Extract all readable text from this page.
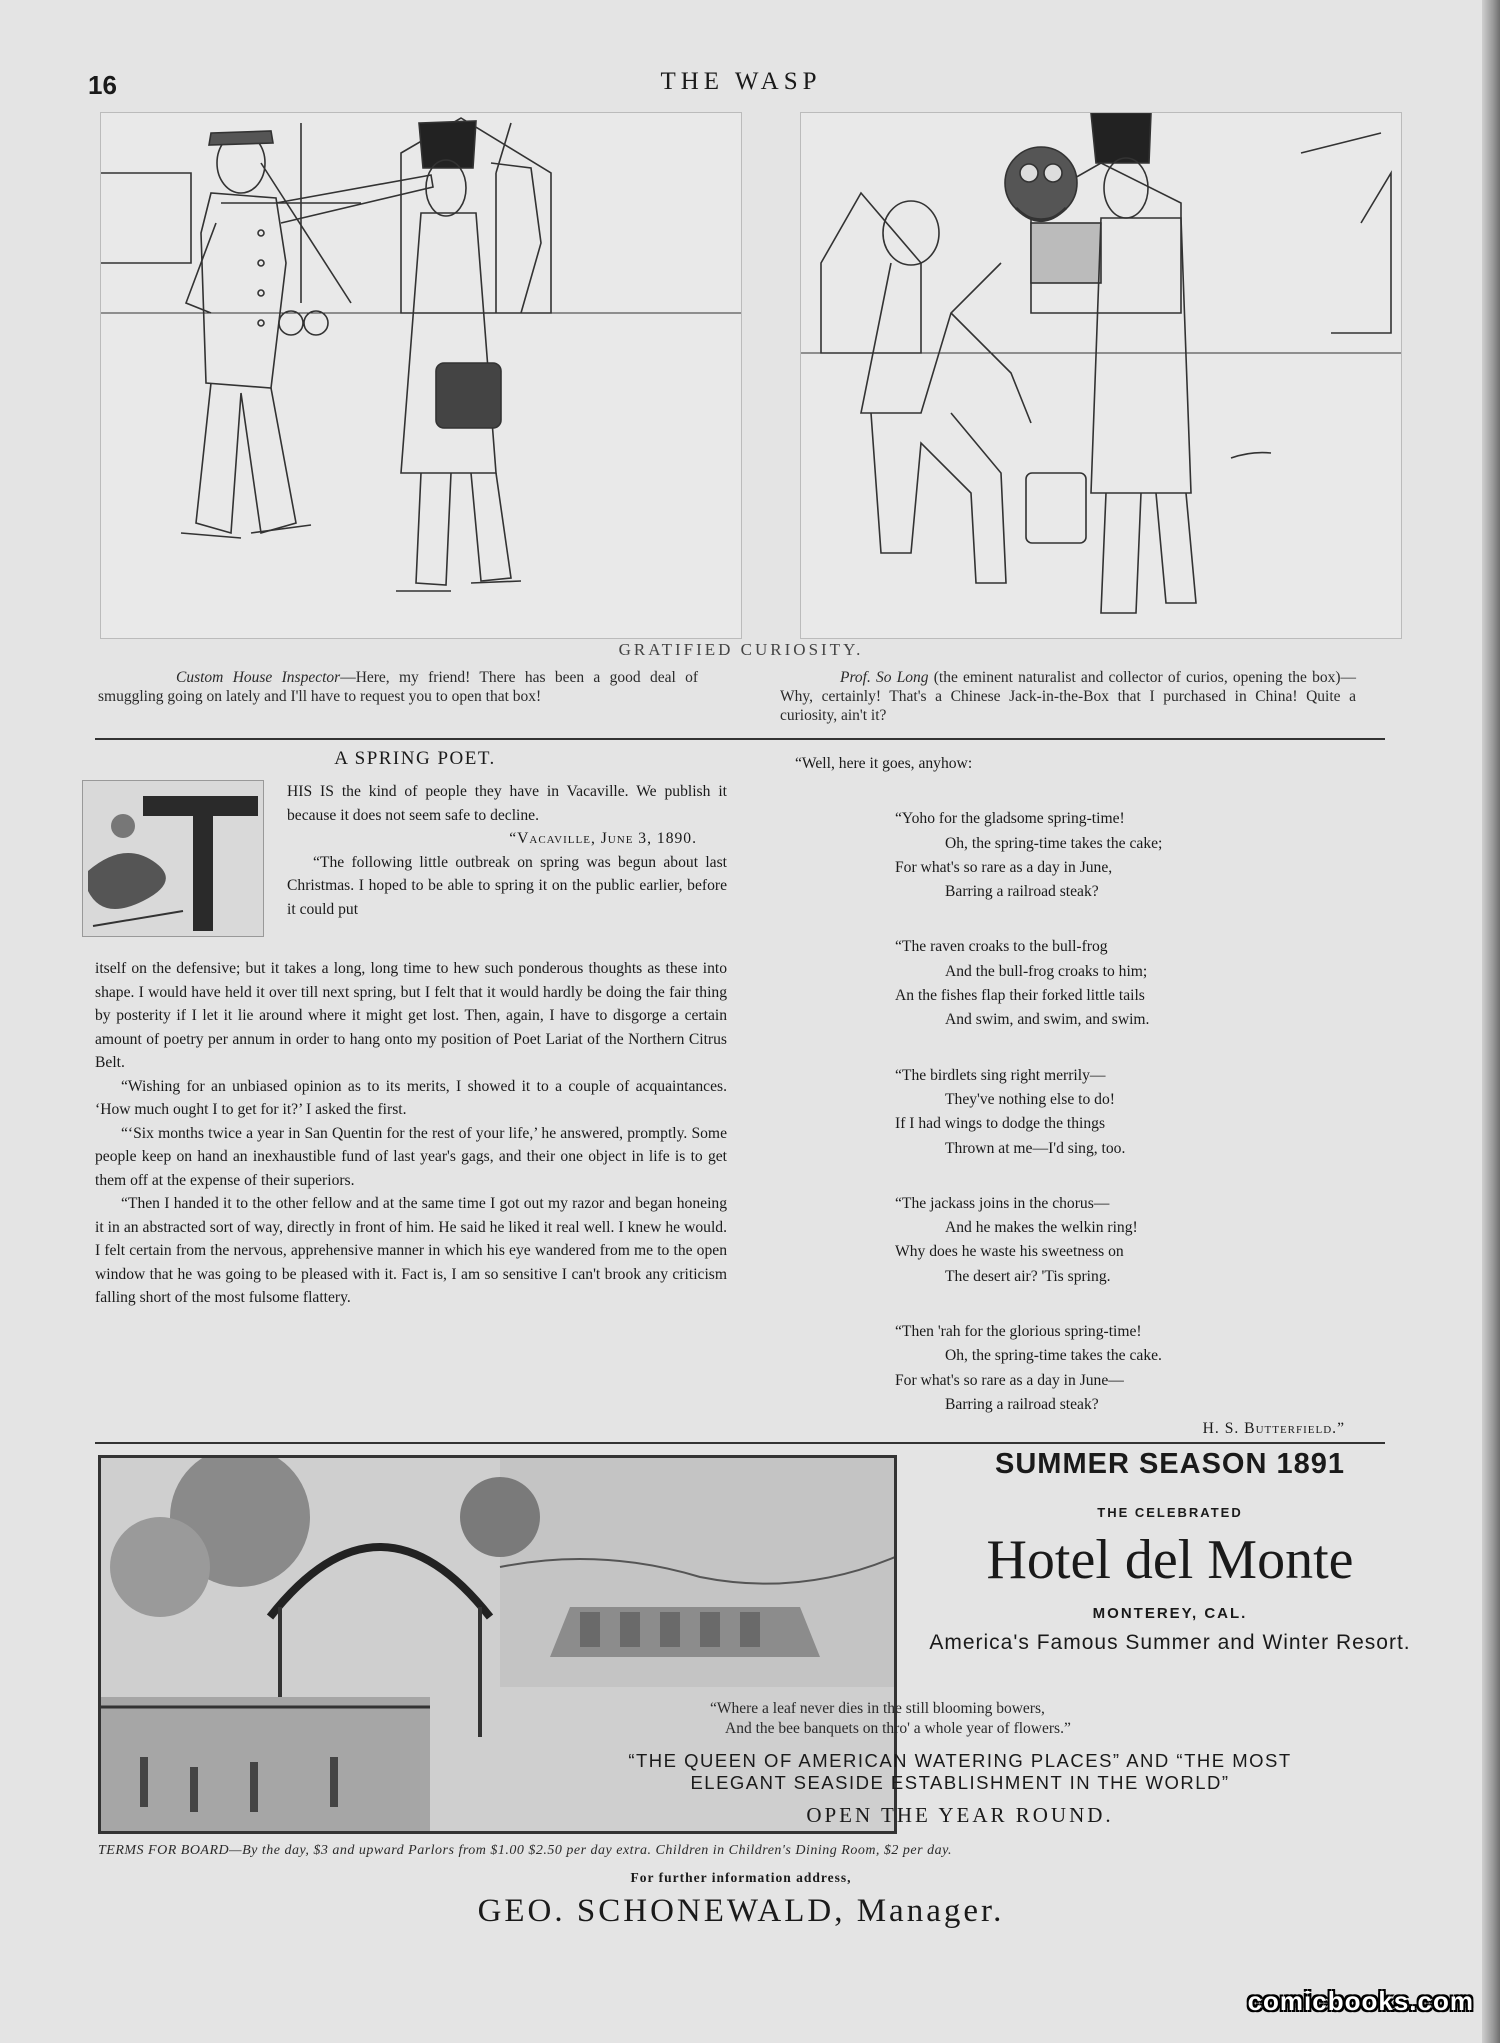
16	THE WASP
GRATIFIED CURIOSITY.
Custom House Inspector—Here, my friend! There has been a good deal of smuggling going on lately and I'll have to request you to open that box!
Prof. So Long (the eminent naturalist and collector of curios, opening the box)—Why, certainly! That's a Chinese Jack-in-the-Box that I purchased in China! Quite a curiosity, ain't it?
A SPRING POET.

HIS IS the kind of people they have in Vacaville. We publish it because it does not seem safe to decline.

“Vacaville, June 3, 1890.

“The following little outbreak on spring was begun about last Christmas. I hoped to be able to spring it on the public earlier, before it could put

itself on the defensive; but it takes a long, long time to hew such ponderous thoughts as these into shape. I would have held it over till next spring, but I felt that it would hardly be doing the fair thing by posterity if I let it lie around where it might get lost. Then, again, I have to disgorge a certain amount of poetry per annum in order to hang onto my position of Poet Lariat of the Northern Citrus Belt.

“Wishing for an unbiased opinion as to its merits, I showed it to a couple of acquaintances. ‘How much ought I to get for it?’ I asked the first.

“‘Six months twice a year in San Quentin for the rest of your life,’ he answered, promptly. Some people keep on hand an inexhaustible fund of last year's gags, and their one object in life is to get them off at the expense of their superiors.

“Then I handed it to the other fellow and at the same time I got out my razor and began honeing it in an abstracted sort of way, directly in front of him. He said he liked it real well. I knew he would. I felt certain from the nervous, apprehensive manner in which his eye wandered from me to the open window that he was going to be pleased with it. Fact is, I am so sensitive I can't brook any criticism falling short of the most fulsome flattery.

“Well, here it goes, anyhow:
“Yoho for the gladsome spring-time!
Oh, the spring-time takes the cake;
For what's so rare as a day in June,
Barring a railroad steak?
“The raven croaks to the bull-frog
And the bull-frog croaks to him;
An the fishes flap their forked little tails
And swim, and swim, and swim.
“The birdlets sing right merrily—
They've nothing else to do!
If I had wings to dodge the things
Thrown at me—I'd sing, too.
“The jackass joins in the chorus—
And he makes the welkin ring!
Why does he waste his sweetness on
The desert air? 'Tis spring.
“Then 'rah for the glorious spring-time!
Oh, the spring-time takes the cake.
For what's so rare as a day in June—
Barring a railroad steak?
H. S. Butterfield.”
SUMMER SEASON 1891
THE CELEBRATED
Hotel del Monte
MONTEREY, CAL.
America's Famous Summer and Winter Resort.
“Where a leaf never dies in the still blooming bowers,
And the bee banquets on thro' a whole year of flowers.”
“THE QUEEN OF AMERICAN WATERING PLACES” AND “THE MOST
ELEGANT SEASIDE ESTABLISHMENT IN THE WORLD”
OPEN THE YEAR ROUND.
TERMS FOR BOARD—By the day, $3 and upward Parlors from $1.00 $2.50 per day extra. Children in Children's Dining Room, $2 per day.
For further information address,
GEO. SCHONEWALD, Manager.
comicbooks.com
